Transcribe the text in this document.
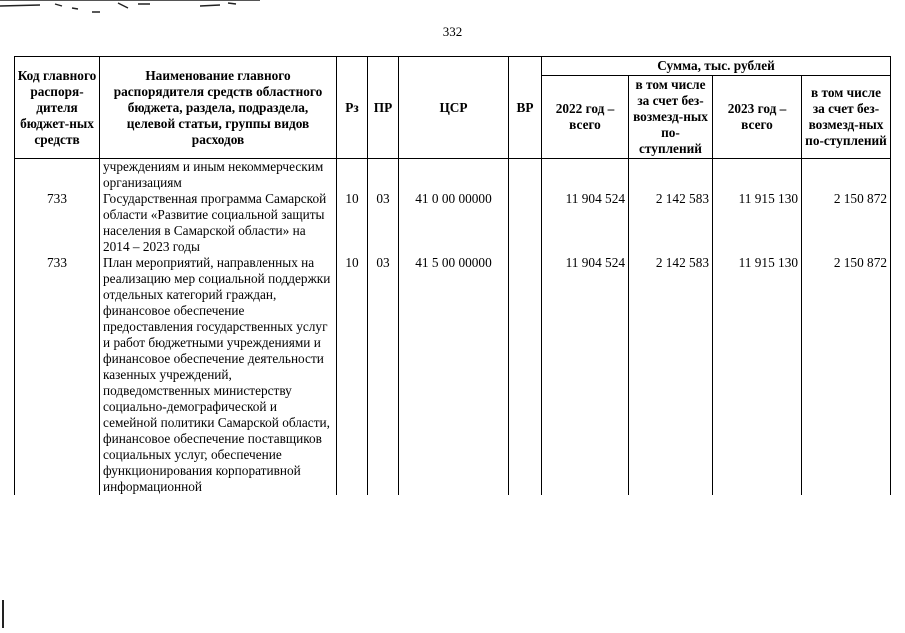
332
Код главного распоря-дителя бюджет-ных средств	Наименование главного распорядителя средств областного бюджета, раздела, подраздела, целевой статьи, группы видов расходов	Рз	ПР	ЦСР	ВР	Сумма, тыс. рублей			
						2022 год – всего	в том числе за счет без-возмезд-ных по-ступлений	2023 год – всего	в том числе за счет без-возмезд-ных по-ступлений
	учреждениям и иным некоммерческим организациям								
733	Государственная программа Самарской области «Развитие социальной защиты населения в Самарской области» на 2014 – 2023 годы	10	03	41 0 00 00000		11 904 524	2 142 583	11 915 130	2 150 872
733	План мероприятий, направленных на реализацию мер социальной поддержки отдельных категорий граждан, финансовое обеспечение предоставления государственных услуг и работ бюджетными учреждениями и финансовое обеспечение деятельности казенных учреждений, подведомственных министерству социально-демографической и семейной политики Самарской области, финансовое обеспечение поставщиков социальных услуг, обеспечение функционирования корпоративной информационной	10	03	41 5 00 00000		11 904 524	2 142 583	11 915 130	2 150 872
